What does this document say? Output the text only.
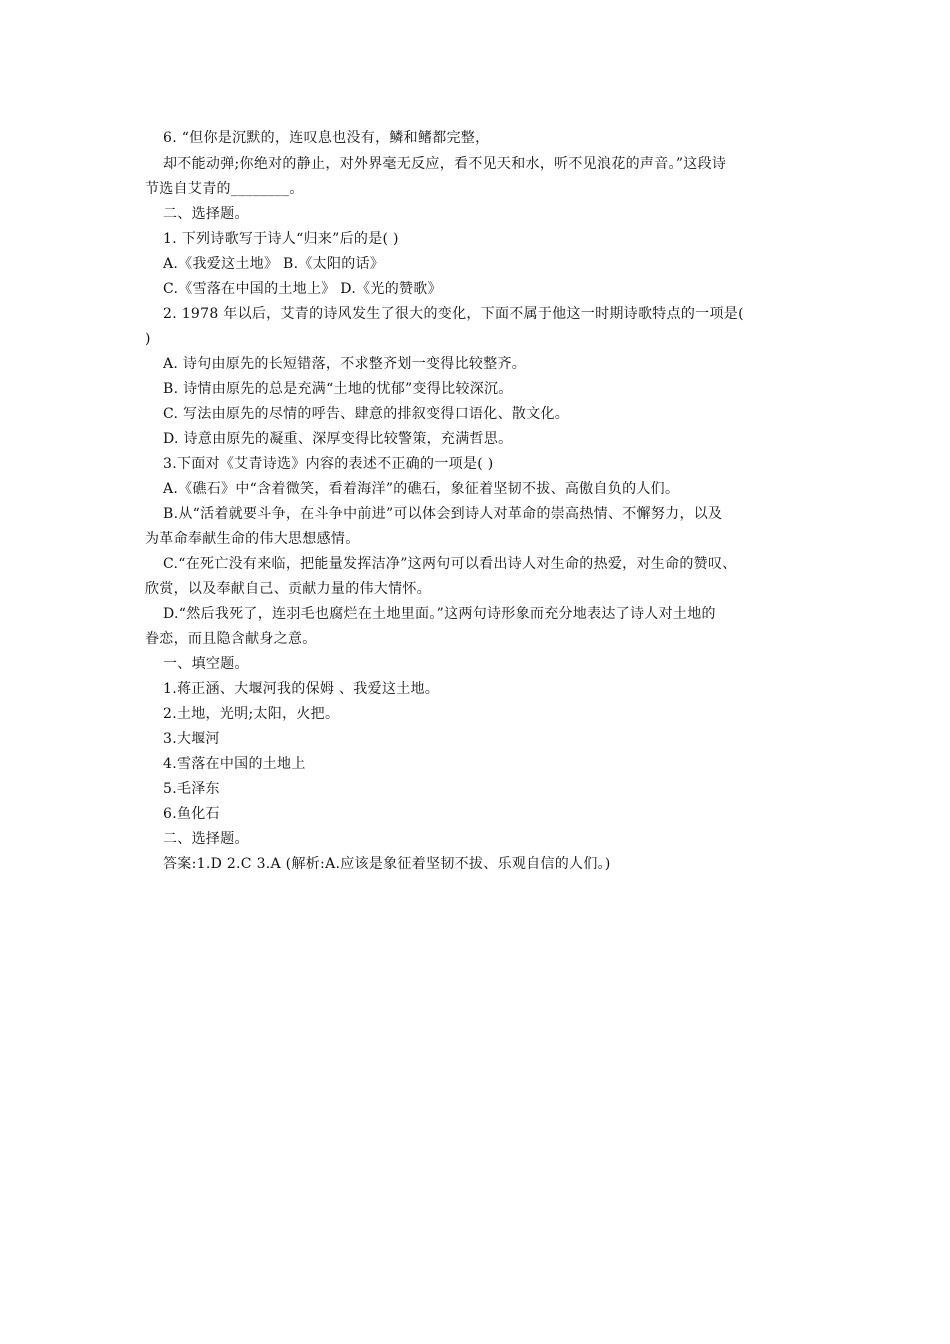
6. “但你是沉默的，连叹息也没有，鳞和鳍都完整，
却不能动弹;你绝对的静止，对外界毫无反应，看不见天和水，听不见浪花的声音。”这段诗
节选自艾青的________。
二、选择题。
1. 下列诗歌写于诗人“归来”后的是( )
A.《我爱这土地》 B.《太阳的话》
C.《雪落在中国的土地上》 D.《光的赞歌》
2. 1978 年以后，艾青的诗风发生了很大的变化，下面不属于他这一时期诗歌特点的一项是(
)
A. 诗句由原先的长短错落，不求整齐划一变得比较整齐。
B. 诗情由原先的总是充满“土地的忧郁”变得比较深沉。
C. 写法由原先的尽情的呼告、肆意的排叙变得口语化、散文化。
D. 诗意由原先的凝重、深厚变得比较警策，充满哲思。
3.下面对《艾青诗选》内容的表述不正确的一项是( )
A.《礁石》中“含着微笑，看着海洋”的礁石，象征着坚韧不拔、高傲自负的人们。
B.从“活着就要斗争，在斗争中前进”可以体会到诗人对革命的崇高热情、不懈努力，以及
为革命奉献生命的伟大思想感情。
C.“在死亡没有来临，把能量发挥洁净”这两句可以看出诗人对生命的热爱，对生命的赞叹、
欣赏，以及奉献自己、贡献力量的伟大情怀。
D.“然后我死了，连羽毛也腐烂在土地里面。”这两句诗形象而充分地表达了诗人对土地的
眷恋，而且隐含献身之意。
一、填空题。
1.蒋正涵、大堰河我的保姆 、我爱这土地。
2.土地，光明;太阳，火把。
3.大堰河
4.雪落在中国的土地上
5.毛泽东
6.鱼化石
二、选择题。
答案:1.D 2.C 3.A (解析:A.应该是象征着坚韧不拔、乐观自信的人们。)
